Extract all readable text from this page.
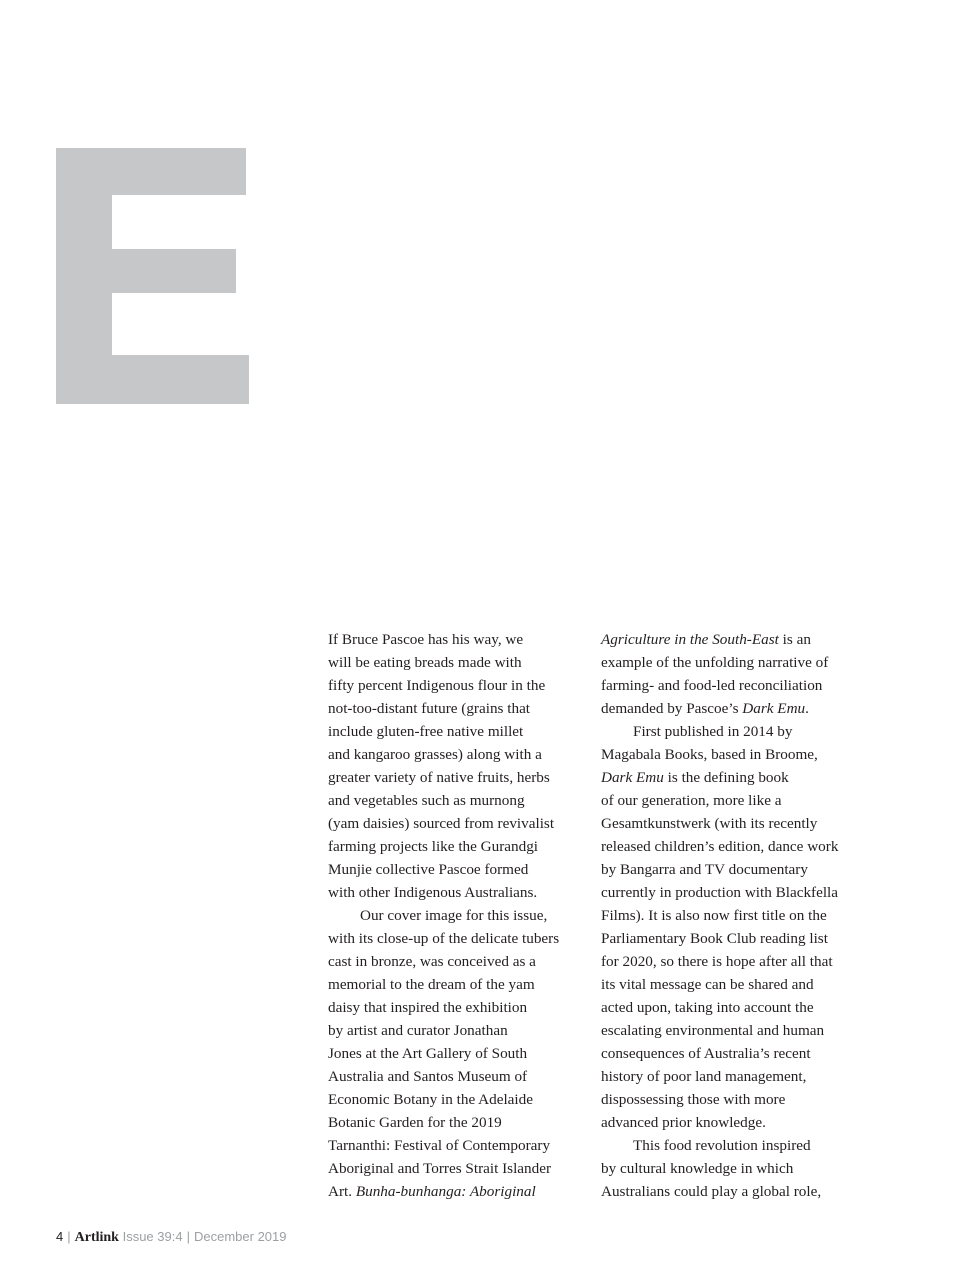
If Bruce Pascoe has his way, we
will be eating breads made with
fifty percent Indigenous flour in the
not-too-distant future (grains that
include gluten-free native millet
and kangaroo grasses) along with a
greater variety of native fruits, herbs
and vegetables such as murnong
(yam daisies) sourced from revivalist
farming projects like the Gurandgi
Munjie collective Pascoe formed
with other Indigenous Australians.
Our cover image for this issue,
with its close-up of the delicate tubers
cast in bronze, was conceived as a
memorial to the dream of the yam
daisy that inspired the exhibition
by artist and curator Jonathan
Jones at the Art Gallery of South
Australia and Santos Museum of
Economic Botany in the Adelaide
Botanic Garden for the 2019
Tarnanthi: Festival of Contemporary
Aboriginal and Torres Strait Islander
Art. Bunha-bunhanga: Aboriginal
Agriculture in the South-East is an
example of the unfolding narrative of
farming- and food-led reconciliation
demanded by Pascoe’s Dark Emu.
First published in 2014 by
Magabala Books, based in Broome,
Dark Emu is the defining book
of our generation, more like a
Gesamtkunstwerk (with its recently
released children’s edition, dance work
by Bangarra and TV documentary
currently in production with Blackfella
Films). It is also now first title on the
Parliamentary Book Club reading list
for 2020, so there is hope after all that
its vital message can be shared and
acted upon, taking into account the
escalating environmental and human
consequences of Australia’s recent
history of poor land management,
dispossessing those with more
advanced prior knowledge.
This food revolution inspired
by cultural knowledge in which
Australians could play a global role,
4 | Artlink Issue 39:4 | December 2019
